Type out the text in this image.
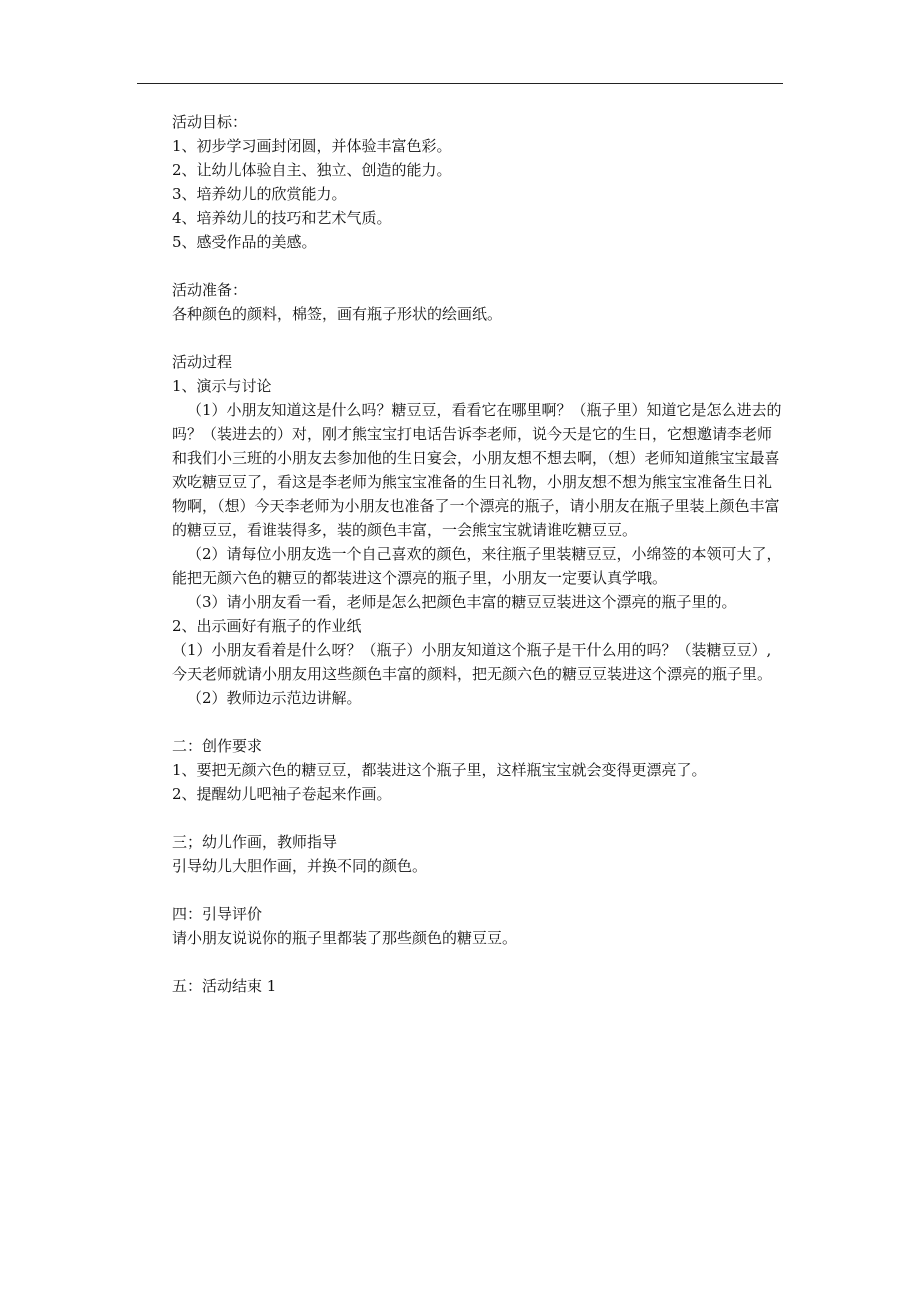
活动目标：

1、初步学习画封闭圆，并体验丰富色彩。

2、让幼儿体验自主、独立、创造的能力。

3、培养幼儿的欣赏能力。

4、培养幼儿的技巧和艺术气质。

5、感受作品的美感。

活动准备：

各种颜色的颜料，棉签，画有瓶子形状的绘画纸。

活动过程

1、演示与讨论

（1）小朋友知道这是什么吗？糖豆豆，看看它在哪里啊？（瓶子里）知道它是怎么进去的吗？（装进去的）对，刚才熊宝宝打电话告诉李老师，说今天是它的生日，它想邀请李老师和我们小三班的小朋友去参加他的生日宴会，小朋友想不想去啊，（想）老师知道熊宝宝最喜欢吃糖豆豆了，看这是李老师为熊宝宝准备的生日礼物，小朋友想不想为熊宝宝准备生日礼物啊，（想）今天李老师为小朋友也准备了一个漂亮的瓶子，请小朋友在瓶子里装上颜色丰富的糖豆豆，看谁装得多，装的颜色丰富，一会熊宝宝就请谁吃糖豆豆。

（2）请每位小朋友选一个自己喜欢的颜色，来往瓶子里装糖豆豆，小绵签的本领可大了，能把无颜六色的糖豆的都装进这个漂亮的瓶子里，小朋友一定要认真学哦。

（3）请小朋友看一看，老师是怎么把颜色丰富的糖豆豆装进这个漂亮的瓶子里的。

2、出示画好有瓶子的作业纸

（1）小朋友看着是什么呀？（瓶子）小朋友知道这个瓶子是干什么用的吗？（装糖豆豆）,今天老师就请小朋友用这些颜色丰富的颜料，把无颜六色的糖豆豆装进这个漂亮的瓶子里。

（2）教师边示范边讲解。

二：创作要求

1、要把无颜六色的糖豆豆，都装进这个瓶子里，这样瓶宝宝就会变得更漂亮了。

2、提醒幼儿吧袖子卷起来作画。

三；幼儿作画，教师指导

引导幼儿大胆作画，并换不同的颜色。

四：引导评价

请小朋友说说你的瓶子里都装了那些颜色的糖豆豆。

五：活动结束 1
